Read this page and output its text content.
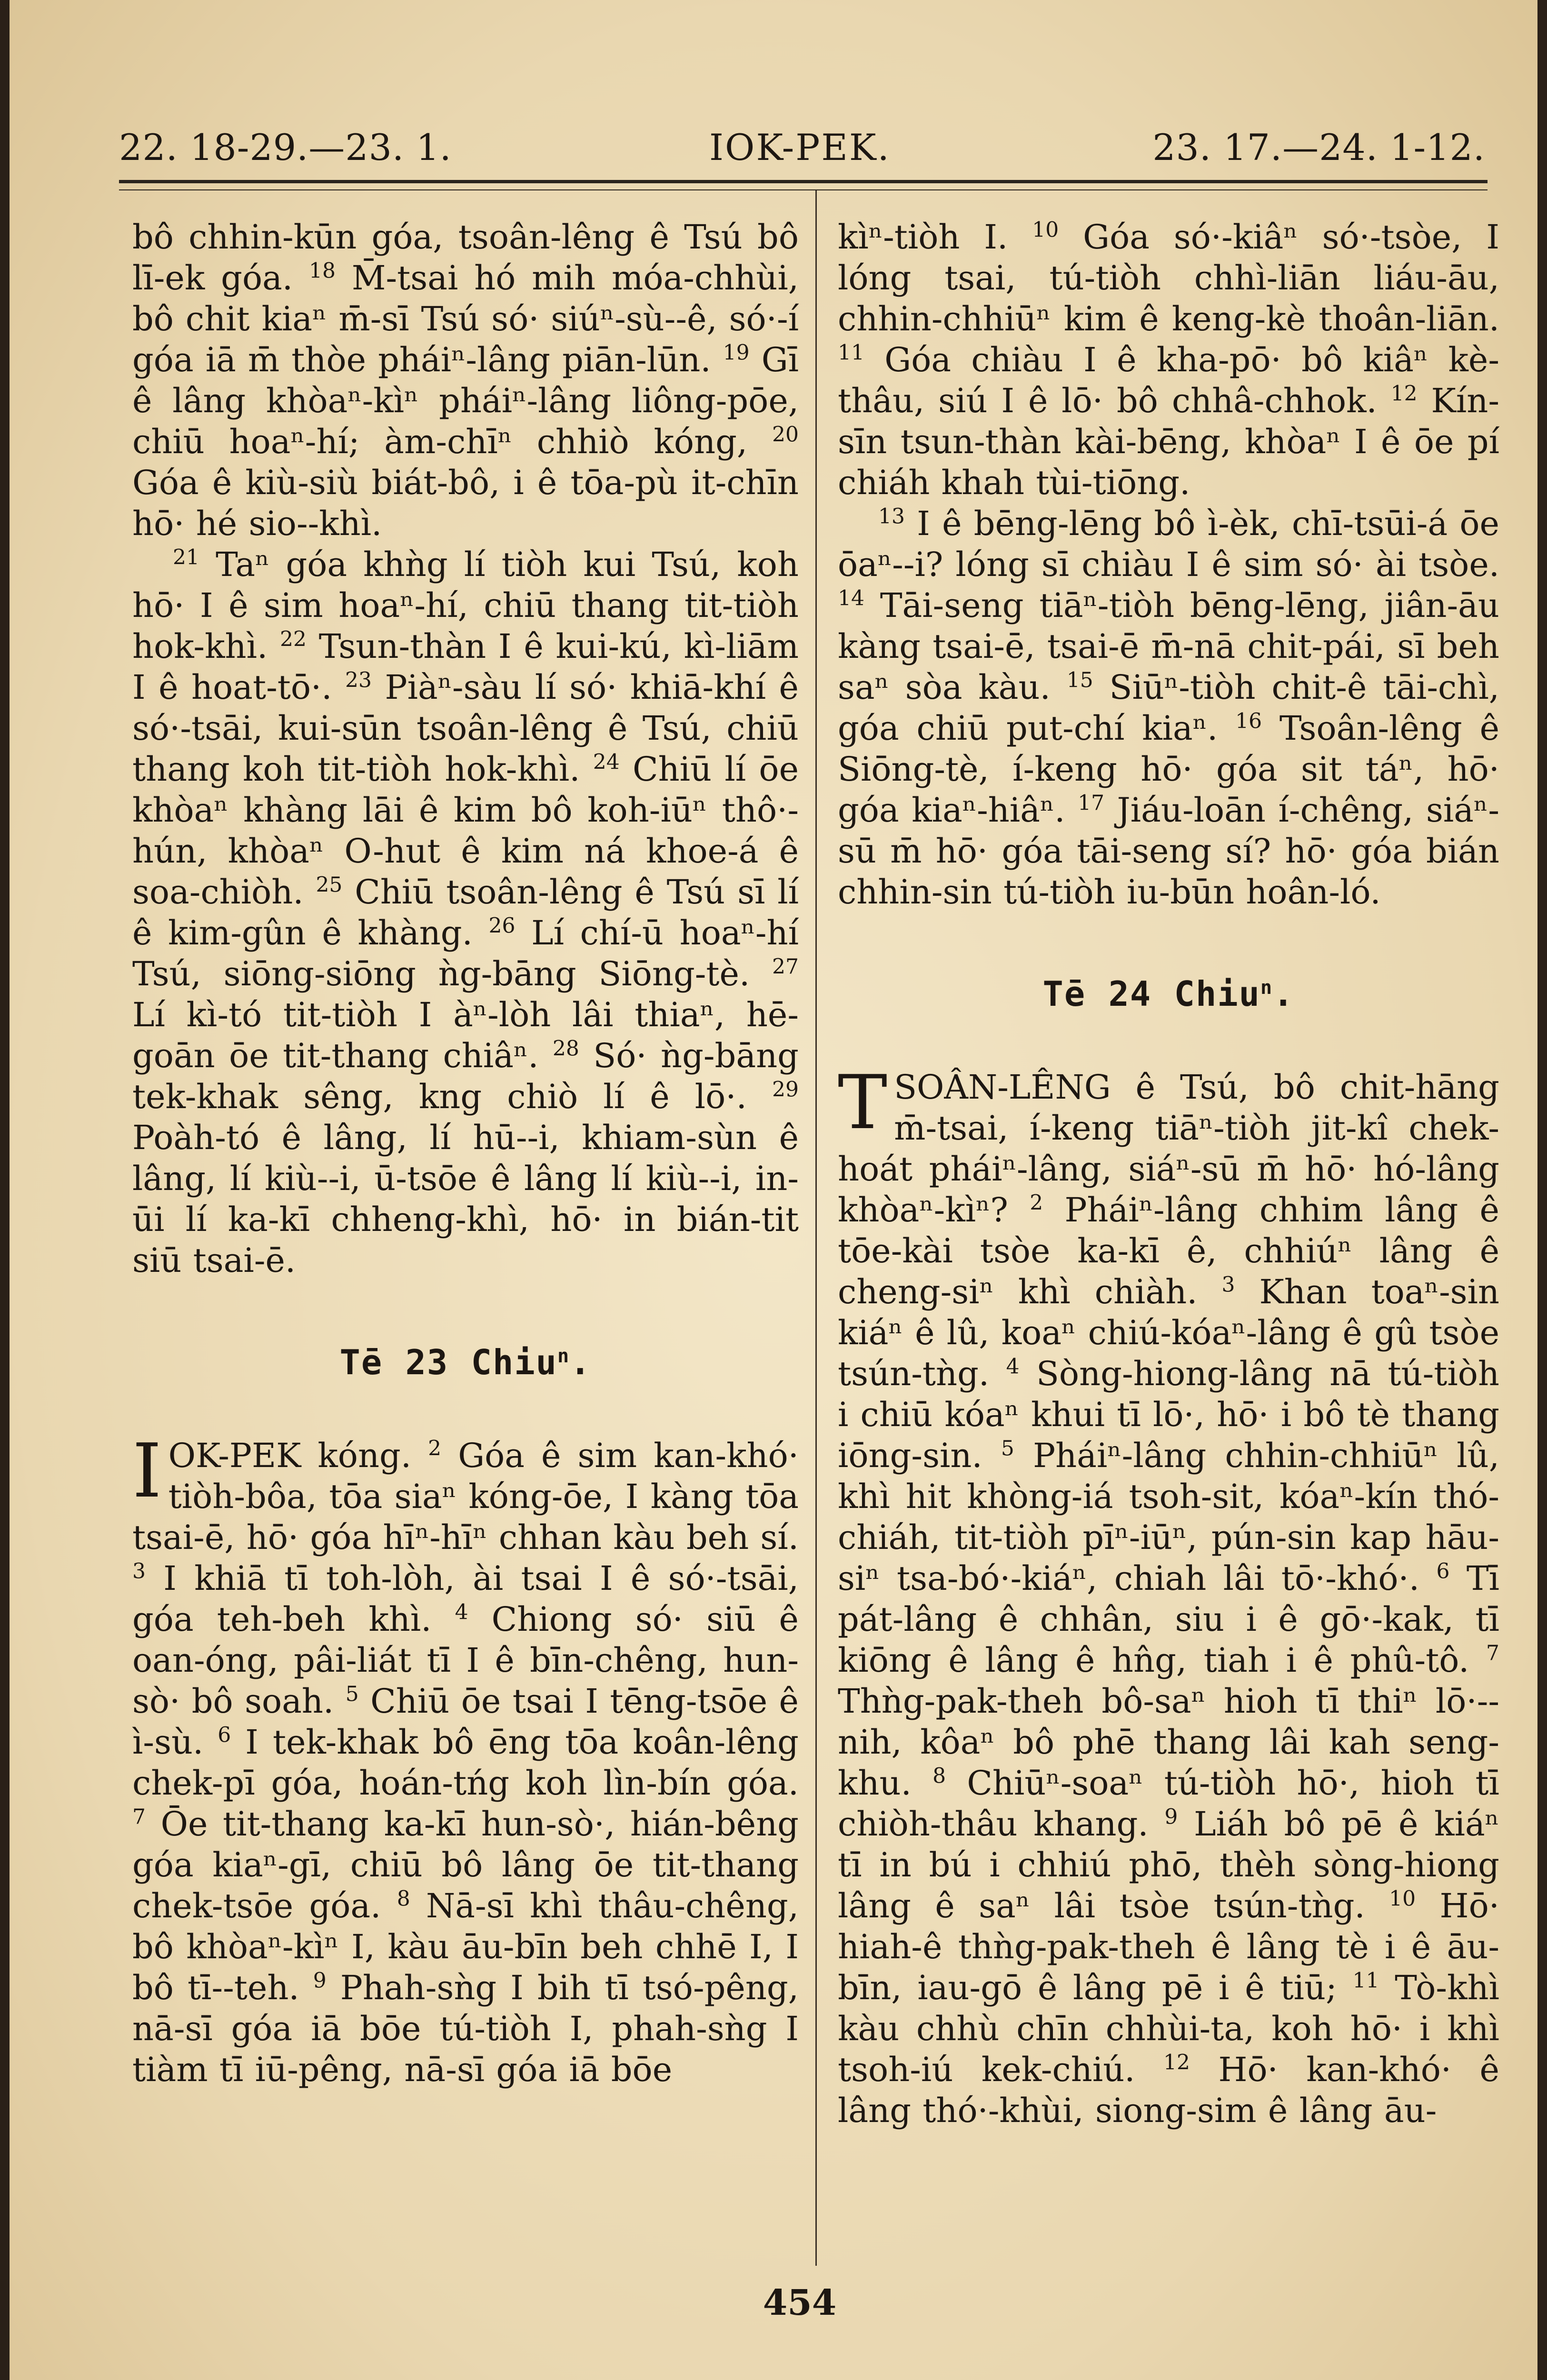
22. 18-29.—23. 1.	IOK-PEK.	23. 17.—24. 1-12.

bô chhin-kūn góa, tsoân-lêng ê Tsú bô lī-ek góa. $^{18}$ M̄-tsai hó mih móa-chhùi, bô chit kiaⁿ m̄-sī Tsú só· siúⁿ-sù--ê, só·-í góa iā m̄ thòe pháiⁿ-lâng piān-lūn. $^{19}$ Gī ê lâng khòaⁿ-kìⁿ pháiⁿ-lâng liông-pōe, chiū hoaⁿ-hí; àm-chīⁿ chhiò kóng, $^{20}$ Góa ê kiù-siù biát-bô, i ê tōa-pù it-chīn hō· hé sio--khì.

$^{21}$ Taⁿ góa khǹg lí tiòh kui Tsú, koh hō· I ê sim hoaⁿ-hí, chiū thang tit-tiòh hok-khì. $^{22}$ Tsun-thàn I ê kui-kú, kì-liām I ê hoat-tō·. $^{23}$ Piàⁿ-sàu lí só· khiā-khí ê só·-tsāi, kui-sūn tsoân-lêng ê Tsú, chiū thang koh tit-tiòh hok-khì. $^{24}$ Chiū lí ōe khòaⁿ khàng lāi ê kim bô koh-iūⁿ thô·-hún, khòaⁿ O-hut ê kim ná khoe-á ê soa-chiòh. $^{25}$ Chiū tsoân-lêng ê Tsú sī lí ê kim-gûn ê khàng. $^{26}$ Lí chí-ū hoaⁿ-hí Tsú, siōng-siōng ǹg-bāng Siōng-tè. $^{27}$ Lí kì-tó tit-tiòh I àⁿ-lòh lâi thiaⁿ, hē-goān ōe tit-thang chiâⁿ. $^{28}$ Só· ǹg-bāng tek-khak sêng, kng chiò lí ê lō·. $^{29}$ Poàh-tó ê lâng, lí hū--i, khiam-sùn ê lâng, lí kiù--i, ū-tsōe ê lâng lí kiù--i, in-ūi lí ka-kī chheng-khì, hō· in bián-tit siū tsai-ē.

Tē 23 Chiu$^n$.

I OK-PEK kóng. $^2$ Góa ê sim kan-khó· tiòh-bôa, tōa siaⁿ kóng-ōe, I kàng tōa tsai-ē, hō· góa hīⁿ-hīⁿ chhan kàu beh sí. $^3$ I khiā tī toh-lòh, ài tsai I ê só·-tsāi, góa teh-beh khì. $^4$ Chiong só· siū ê oan-óng, pâi-liát tī I ê bīn-chêng, hun-sò· bô soah. $^5$ Chiū ōe tsai I tēng-tsōe ê ì-sù. $^6$ I tek-khak bô ēng tōa koân-lêng chek-pī góa, hoán-tńg koh lìn-bín góa. $^7$ Ōe tit-thang ka-kī hun-sò·, hián-bêng góa kiaⁿ-gī, chiū bô lâng ōe tit-thang chek-tsōe góa. $^8$ Nā-sī khì thâu-chêng, bô khòaⁿ-kìⁿ I, kàu āu-bīn beh chhē I, I bô tī--teh. $^9$ Phah-sǹg I bih tī tsó-pêng, nā-sī góa iā bōe tú-tiòh I, phah-sǹg I tiàm tī iū-pêng, nā-sī góa iā bōe

kìⁿ-tiòh I. $^{10}$ Góa só·-kiâⁿ só·-tsòe, I lóng tsai, tú-tiòh chhì-liān liáu-āu, chhin-chhiūⁿ kim ê keng-kè thoân-liān. $^{11}$ Góa chiàu I ê kha-pō· bô kiâⁿ kè-thâu, siú I ê lō· bô chhâ-chhok. $^{12}$ Kín-sīn tsun-thàn kài-bēng, khòaⁿ I ê ōe pí chiáh khah tùi-tiōng.

$^{13}$ I ê bēng-lēng bô ì-èk, chī-tsūi-á ōe ōaⁿ--i? lóng sī chiàu I ê sim só· ài tsòe. $^{14}$ Tāi-seng tiāⁿ-tiòh bēng-lēng, jiân-āu kàng tsai-ē, tsai-ē m̄-nā chit-pái, sī beh saⁿ sòa kàu. $^{15}$ Siūⁿ-tiòh chit-ê tāi-chì, góa chiū put-chí kiaⁿ. $^{16}$ Tsoân-lêng ê Siōng-tè, í-keng hō· góa sit táⁿ, hō· góa kiaⁿ-hiâⁿ. $^{17}$ Jiáu-loān í-chêng, siáⁿ-sū m̄ hō· góa tāi-seng sí? hō· góa bián chhin-sin tú-tiòh iu-būn hoân-ló.

Tē 24 Chiu$^n$.

T SOÂN-LÊNG ê Tsú, bô chit-hāng m̄-tsai, í-keng tiāⁿ-tiòh jit-kî chek-hoát pháiⁿ-lâng, siáⁿ-sū m̄ hō· hó-lâng khòaⁿ-kìⁿ? $^2$ Pháiⁿ-lâng chhim lâng ê tōe-kài tsòe ka-kī ê, chhiúⁿ lâng ê cheng-siⁿ khì chiàh. $^3$ Khan toaⁿ-sin kiáⁿ ê lû, koaⁿ chiú-kóaⁿ-lâng ê gû tsòe tsún-tǹg. $^4$ Sòng-hiong-lâng nā tú-tiòh i chiū kóaⁿ khui tī lō·, hō· i bô tè thang iōng-sin. $^5$ Pháiⁿ-lâng chhin-chhiūⁿ lû, khì hit khòng-iá tsoh-sit, kóaⁿ-kín thó-chiáh, tit-tiòh pīⁿ-iūⁿ, pún-sin kap hāu-siⁿ tsa-bó·-kiáⁿ, chiah lâi tō·-khó·. $^6$ Tī pát-lâng ê chhân, siu i ê gō·-kak, tī kiōng ê lâng ê hn̂g, tiah i ê phû-tô. $^7$ Thǹg-pak-theh bô-saⁿ hioh tī thiⁿ lō·--nih, kôaⁿ bô phē thang lâi kah seng-khu. $^8$ Chiūⁿ-soaⁿ tú-tiòh hō·, hioh tī chiòh-thâu khang. $^9$ Liáh bô pē ê kiáⁿ tī in bú i chhiú phō, thèh sòng-hiong lâng ê saⁿ lâi tsòe tsún-tǹg. $^{10}$ Hō· hiah-ê thǹg-pak-theh ê lâng tè i ê āu-bīn, iau-gō ê lâng pē i ê tiū; $^{11}$ Tò-khì kàu chhù chīn chhùi-ta, koh hō· i khì tsoh-iú kek-chiú. $^{12}$ Hō· kan-khó· ê lâng thó·-khùi, siong-sim ê lâng āu-

454
